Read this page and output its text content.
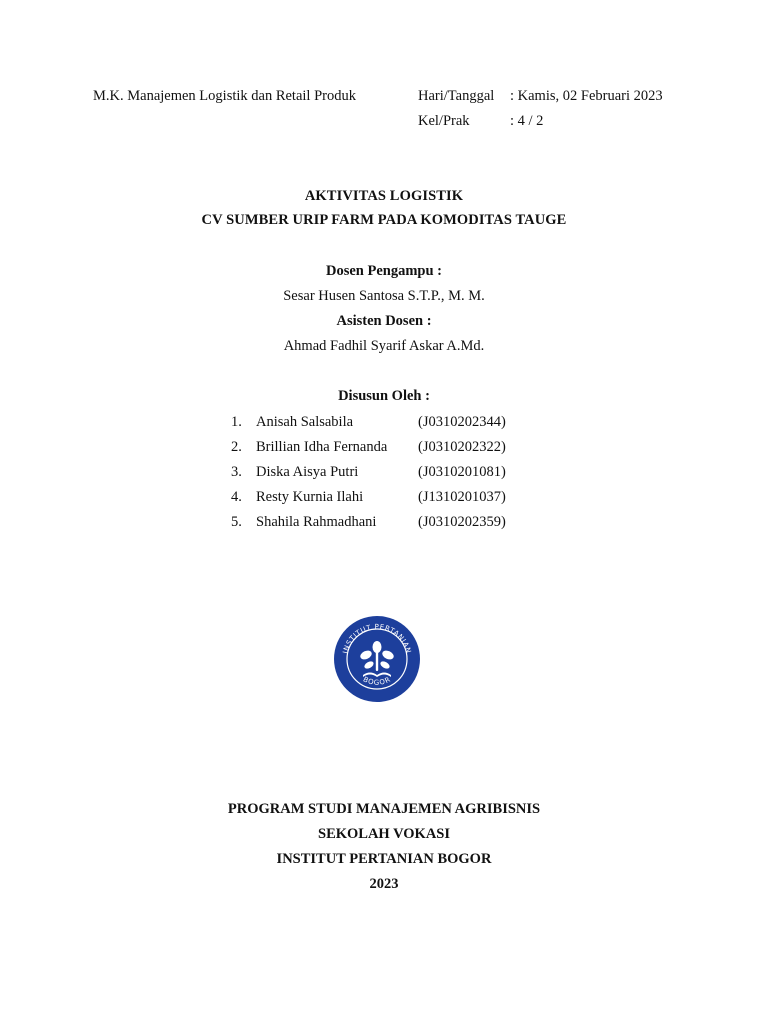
M.K. Manajemen Logistik dan Retail Produk	Hari/Tanggal : Kamis, 02 Februari 2023
Kel/Prak	: 4 / 2
AKTIVITAS LOGISTIK
CV SUMBER URIP FARM PADA KOMODITAS TAUGE
Dosen Pengampu :
Sesar Husen Santosa S.T.P., M. M.
Asisten Dosen :
Ahmad Fadhil Syarif Askar A.Md.
Disusun Oleh :
1. Anisah Salsabila	(J0310202344)
2. Brillian Idha Fernanda (J0310202322)
3. Diska Aisya Putri	(J0310201081)
4. Resty Kurnia Ilahi	(J1310201037)
5. Shahila Rahmadhani	(J0310202359)
INSTITUT PERTANIAN
BOGOR
PROGRAM STUDI MANAJEMEN AGRIBISNIS
SEKOLAH VOKASI
INSTITUT PERTANIAN BOGOR
2023
